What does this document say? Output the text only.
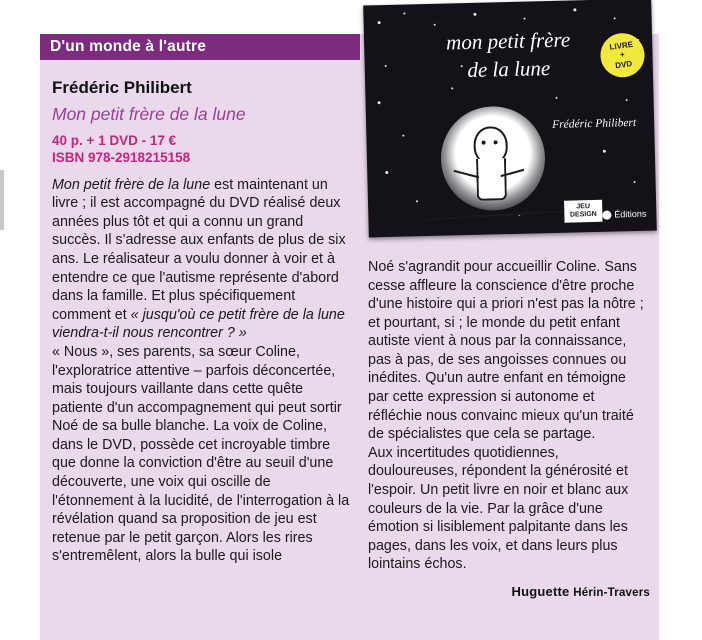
D'un monde à l'autre	mon petit frère
de la lune
Frédéric Philibert
LIVRE
+
DVD
JEU
DESIGN Éditions
Frédéric Philibert
Mon petit frère de la lune
40 p. + 1 DVD - 17 €
ISBN 978-2918215158

Mon petit frère de la lune est maintenant un livre ; il est accompagné du DVD réalisé deux années plus tôt et qui a connu un grand succès. Il s'adresse aux enfants de plus de six ans. Le réalisateur a voulu donner à voir et à entendre ce que l'autisme représente d'abord dans la famille. Et plus spécifiquement comment et « jusqu'où ce petit frère de la lune viendra-t-il nous rencontrer ? »

« Nous », ses parents, sa sœur Coline, l'exploratrice attentive – parfois déconcertée, mais toujours vaillante dans cette quête patiente d'un accompagnement qui peut sortir Noé de sa bulle blanche. La voix de Coline, dans le DVD, possède cet incroyable timbre que donne la conviction d'être au seuil d'une découverte, une voix qui oscille de l'étonnement à la lucidité, de l'interrogation à la révélation quand sa proposition de jeu est retenue par le petit garçon. Alors les rires s'entremêlent, alors la bulle qui isole

Noé s'agrandit pour accueillir Coline. Sans cesse affleure la conscience d'être proche d'une histoire qui a priori n'est pas la nôtre ; et pourtant, si ; le monde du petit enfant autiste vient à nous par la connaissance, pas à pas, de ses angoisses connues ou inédites. Qu'un autre enfant en témoigne par cette expression si autonome et réfléchie nous convainc mieux qu'un traité de spécialistes que cela se partage.

Aux incertitudes quotidiennes, douloureuses, répondent la générosité et l'espoir. Un petit livre en noir et blanc aux couleurs de la vie. Par la grâce d'une émotion si lisiblement palpitante dans les pages, dans les voix, et dans leurs plus lointains échos.

Huguette Hérin-Travers
